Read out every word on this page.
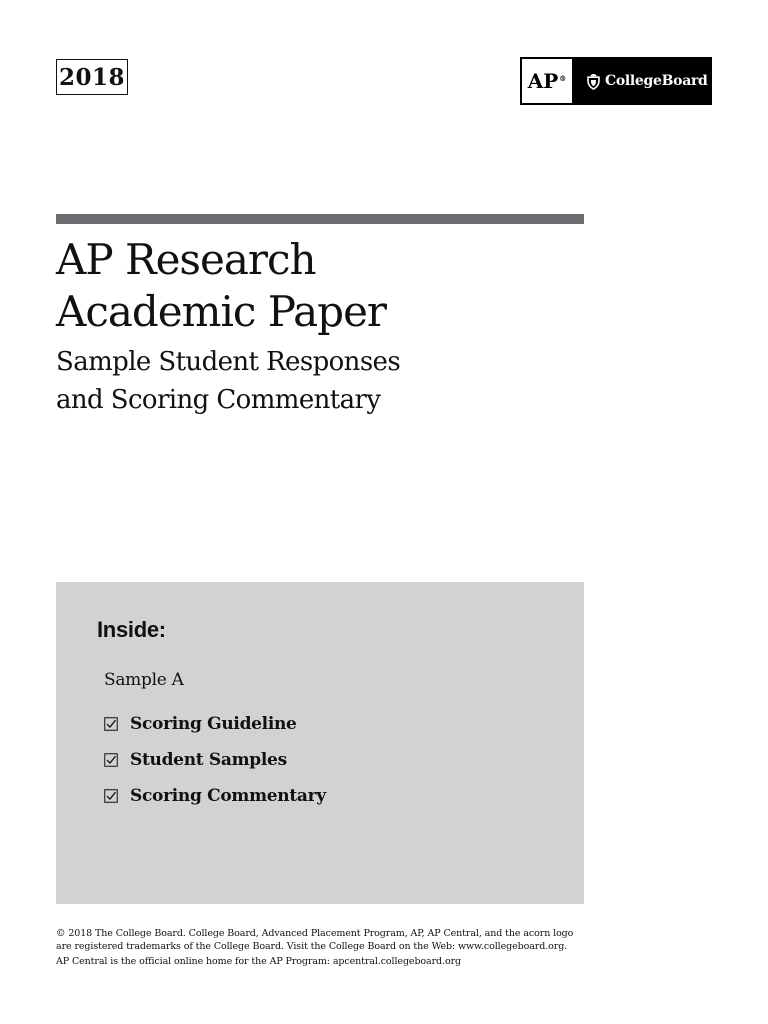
2018	AP®	CollegeBoard
AP Research
Academic Paper
Sample Student Responses
and Scoring Commentary
Inside:
Sample A
Scoring Guideline
Student Samples
Scoring Commentary

© 2018 The College Board. College Board, Advanced Placement Program, AP, AP Central, and the acorn logo
are registered trademarks of the College Board. Visit the College Board on the Web: www.collegeboard.org.

AP Central is the official online home for the AP Program: apcentral.collegeboard.org
